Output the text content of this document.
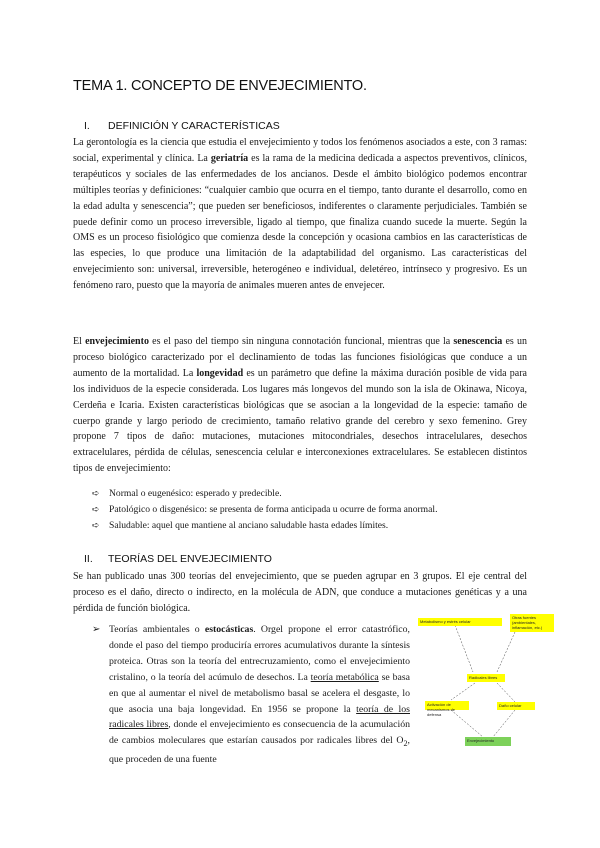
TEMA 1. CONCEPTO DE ENVEJECIMIENTO.
I. DEFINICIÓN Y CARACTERÍSTICAS

La gerontología es la ciencia que estudia el envejecimiento y todos los fenómenos asociados a este, con 3 ramas: social, experimental y clínica. La geriatría es la rama de la medicina dedicada a aspectos preventivos, clínicos, terapéuticos y sociales de las enfermedades de los ancianos. Desde el ámbito biológico podemos encontrar múltiples teorías y definiciones: “cualquier cambio que ocurra en el tiempo, tanto durante el desarrollo, como en la edad adulta y senescencia”; que pueden ser beneficiosos, indiferentes o claramente perjudiciales. También se puede definir como un proceso irreversible, ligado al tiempo, que finaliza cuando sucede la muerte. Según la OMS es un proceso fisiológico que comienza desde la concepción y ocasiona cambios en las características de las especies, lo que produce una limitación de la adaptabilidad del organismo. Las características del envejecimiento son: universal, irreversible, heterogéneo e individual, deletéreo, intrínseco y progresivo. Es un fenómeno raro, puesto que la mayoría de animales mueren antes de envejecer.

El envejecimiento es el paso del tiempo sin ninguna connotación funcional, mientras que la senescencia es un proceso biológico caracterizado por el declinamiento de todas las funciones fisiológicas que conduce a un aumento de la mortalidad. La longevidad es un parámetro que define la máxima duración posible de vida para los individuos de la especie considerada. Los lugares más longevos del mundo son la isla de Okinawa, Nicoya, Cerdeña e Icaria. Existen características biológicas que se asocian a la longevidad de la especie: tamaño de cuerpo grande y largo periodo de crecimiento, tamaño relativo grande del cerebro y sexo femenino. Grey propone 7 tipos de daño: mutaciones, mutaciones mitocondriales, desechos intracelulares, desechos extracelulares, pérdida de células, senescencia celular e interconexiones extracelulares. Se establecen distintos tipos de envejecimiento:

➪ Normal o eugenésico: esperado y predecible.
➪ Patológico o disgenésico: se presenta de forma anticipada u ocurre de forma anormal.
➪ Saludable: aquel que mantiene al anciano saludable hasta edades límites.
II. TEORÍAS DEL ENVEJECIMIENTO

Se han publicado unas 300 teorías del envejecimiento, que se pueden agrupar en 3 grupos. El eje central del proceso es el daño, directo o indirecto, en la molécula de ADN, que conduce a mutaciones genéticas y a una pérdida de función biológica.

➢ Teorías ambientales o estocásticas. Orgel propone el error catastrófico, donde el paso del tiempo produciría errores acumulativos durante la síntesis proteica. Otras son la teoría del entrecruzamiento, como el envejecimiento cristalino, o la teoría del acúmulo de desechos. La teoría metabólica se basa en que al aumentar el nivel de metabolismo basal se acelera el desgaste, lo que asocia una baja longevidad. En 1956 se propone la teoría de los radicales libres, donde el envejecimiento es consecuencia de la acumulación de cambios moleculares que estarían causados por radicales libres del $O_2$, que proceden de una fuente
Metabolismo y estrés celular
Otras fuentes (ambientales, inflamación, etc.)
Radicales libres
Activación de mecanismos de defensa
Daño celular
Envejecimiento
